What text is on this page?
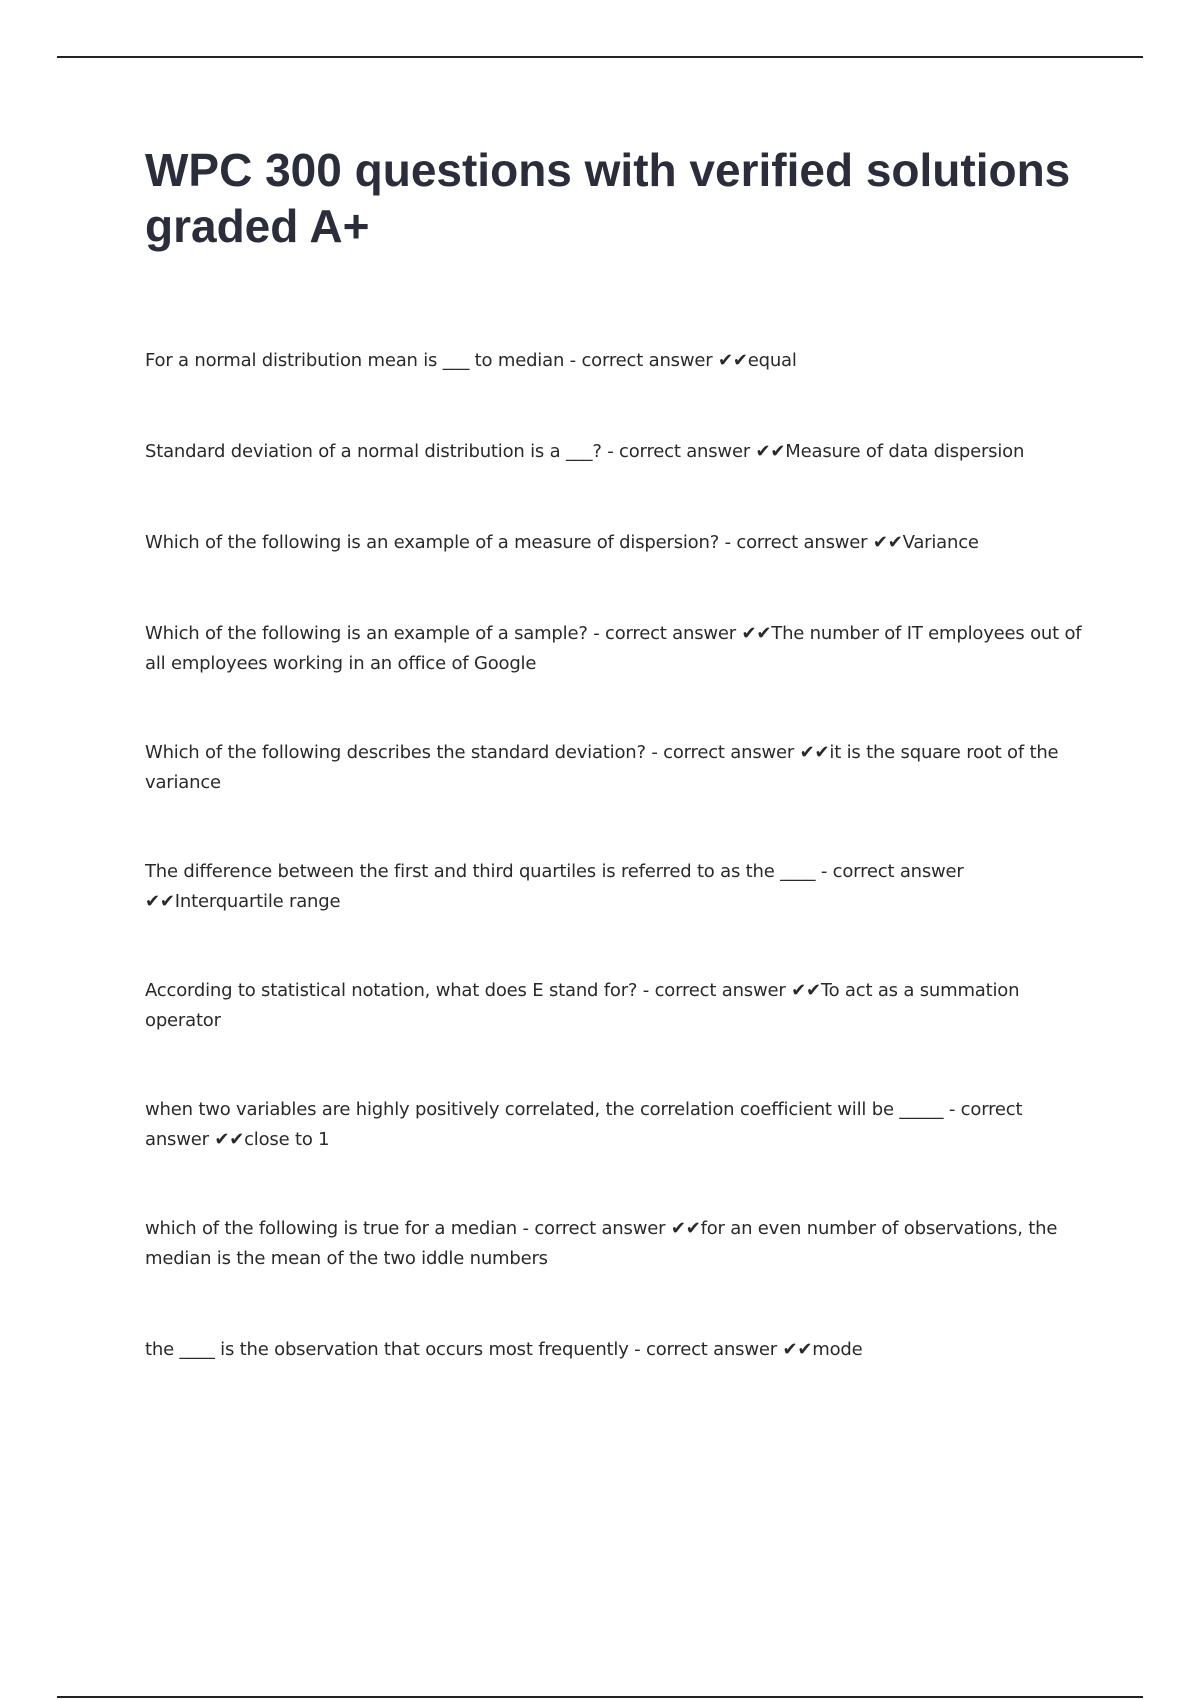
WPC 300 questions with verified solutions graded A+
For a normal distribution mean is ___ to median - correct answer ✔✔equal
Standard deviation of a normal distribution is a ___? - correct answer ✔✔Measure of data dispersion
Which of the following is an example of a measure of dispersion? - correct answer ✔✔Variance
Which of the following is an example of a sample? - correct answer ✔✔The number of IT employees out of all employees working in an office of Google
Which of the following describes the standard deviation? - correct answer ✔✔it is the square root of the variance
The difference between the first and third quartiles is referred to as the ____ - correct answer ✔✔Interquartile range
According to statistical notation, what does E stand for? - correct answer ✔✔To act as a summation operator
when two variables are highly positively correlated, the correlation coefficient will be _____ - correct answer ✔✔close to 1
which of the following is true for a median - correct answer ✔✔for an even number of observations, the median is the mean of the two iddle numbers
the ____ is the observation that occurs most frequently - correct answer ✔✔mode
